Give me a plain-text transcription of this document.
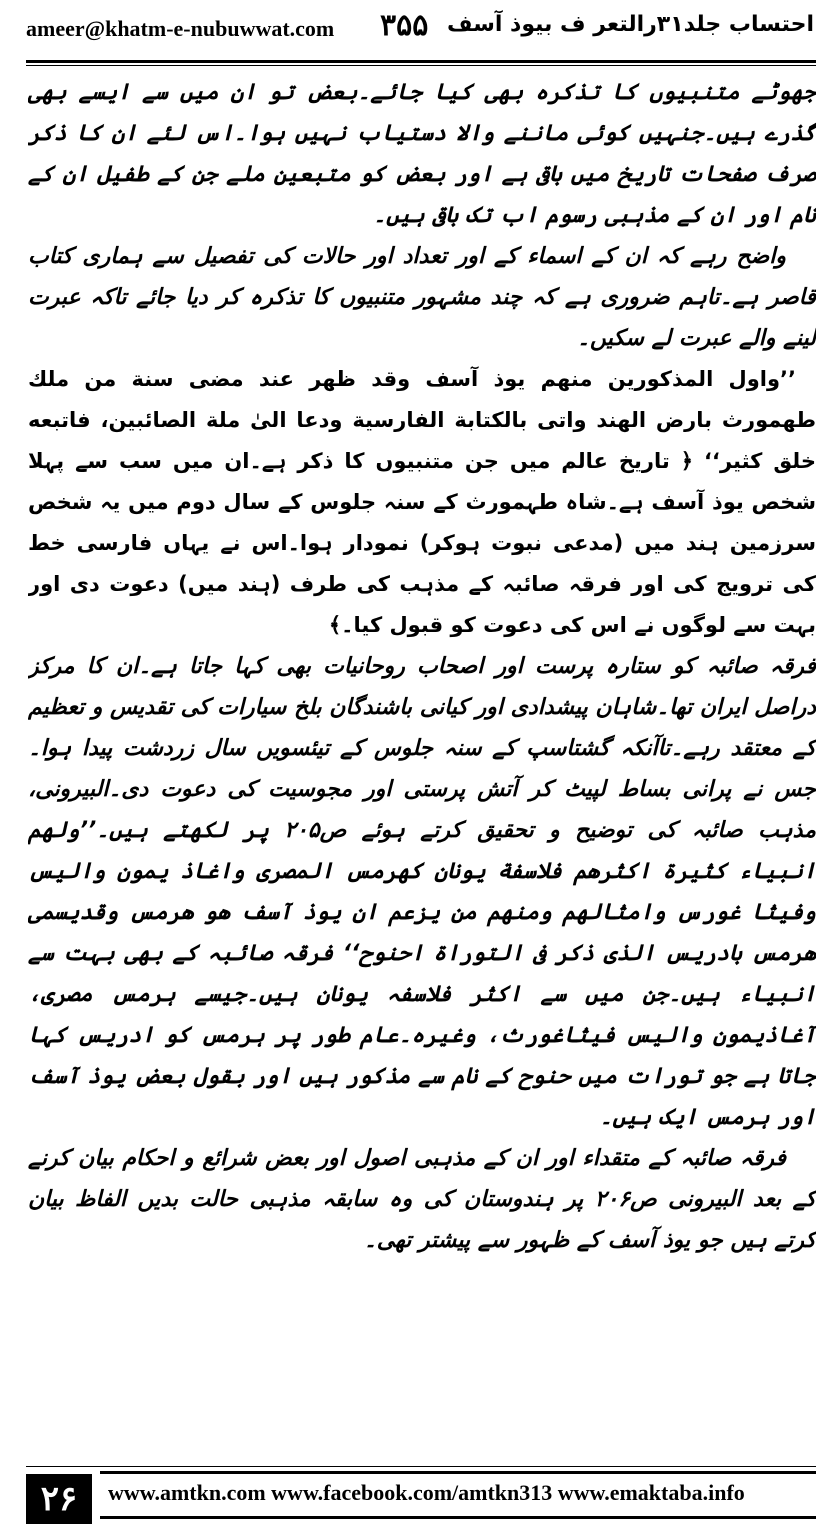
ameer@khatm-e-nubuwwat.com ۳۵۵ احتساب جلد۳۱رالتعر ف بیوذ آسف

جھوٹے متنبیوں کا تذکرہ بھی کیا جائے۔بعض تو ان میں سے ایسے بھی گذرے ہیں۔جنہیں کوئی ماننے والا دستیاب نہیں ہوا۔اس لئے ان کا ذکر صرف صفحات تاریخ میں باقی ہے اور بعض کو متبعین ملے جن کے طفیل ان کے نام اور ان کے مذہبی رسوم اب تک باقی ہیں۔

واضح رہے کہ ان کے اسماء کے اور تعداد اور حالات کی تفصیل سے ہماری کتاب قاصر ہے۔تاہم ضروری ہے کہ چند مشہور متنبیوں کا تذکرہ کر دیا جائے تاکہ عبرت لینے والے عبرت لے سکیں۔

’’واول المذكورين منهم يوذ آسف وقد ظهر عند مضى سنة من ملك طهمورث بارض الهند واتى بالكتابة الفارسية ودعا الىٰ ملة الصائبين، فاتبعه خلق كثير‘‘ ﴿ تاریخ عالم میں جن متنبیوں کا ذکر ہے۔ان میں سب سے پہلا شخص یوذ آسف ہے۔شاہ طہمورث کے سنہ جلوس کے سال دوم میں یہ شخص سرزمین ہند میں (مدعی نبوت ہوکر) نمودار ہوا۔اس نے یہاں فارسی خط کی ترویج کی اور فرقہ صائبہ کے مذہب کی طرف (ہند میں) دعوت دی اور بہت سے لوگوں نے اس کی دعوت کو قبول کیا۔﴾

فرقہ صائبہ کو ستارہ پرست اور اصحاب روحانیات بھی کہا جاتا ہے۔ان کا مرکز دراصل ایران تھا۔شاہان پیشدادی اور کیانی باشندگان بلخ سیارات کی تقدیس و تعظیم کے معتقد رہے۔تاآنکہ گشتاسپ کے سنہ جلوس کے تیئسویں سال زردشت پیدا ہوا۔جس نے پرانی بساط لپیٹ کر آتش پرستی اور مجوسیت کی دعوت دی۔البیرونی، مذہب صائبہ کی توضیح و تحقیق کرتے ہوئے ص۲۰۵ پر لکھتے ہیں۔’’ولهم انبياء كثيرة اكثرهم فلاسفة يونان كهرمس المصرى واغاذ يمون واليس وفيثا غورس وامثالهم ومنهم من يزعم ان يوذ آسف هو هرمس وقديسمى هرمس بادريس الذى ذكر فى التوراة احنوح‘‘ فرقہ صائبہ کے بھی بہت سے انبیاء ہیں۔جن میں سے اکثر فلاسفہ یونان ہیں۔جیسے ہرمس مصری، آغاذیمون والیس فیثاغورث، وغیرہ۔عام طور پر ہرمس کو ادریس کہا جاتا ہے جو تورات میں حنوح کے نام سے مذکور ہیں اور بقول بعض یوذ آسف اور ہرمس ایک ہیں۔

فرقہ صائبہ کے متقداء اور ان کے مذہبی اصول اور بعض شرائع و احکام بیان کرنے کے بعد البیرونی ص۲۰۶ پر ہندوستان کی وہ سابقہ مذہبی حالت بدیں الفاظ بیان کرتے ہیں جو یوذ آسف کے ظہور سے پیشتر تھی۔

۲۶	www.amtkn.com www.facebook.com/amtkn313 www.emaktaba.info
